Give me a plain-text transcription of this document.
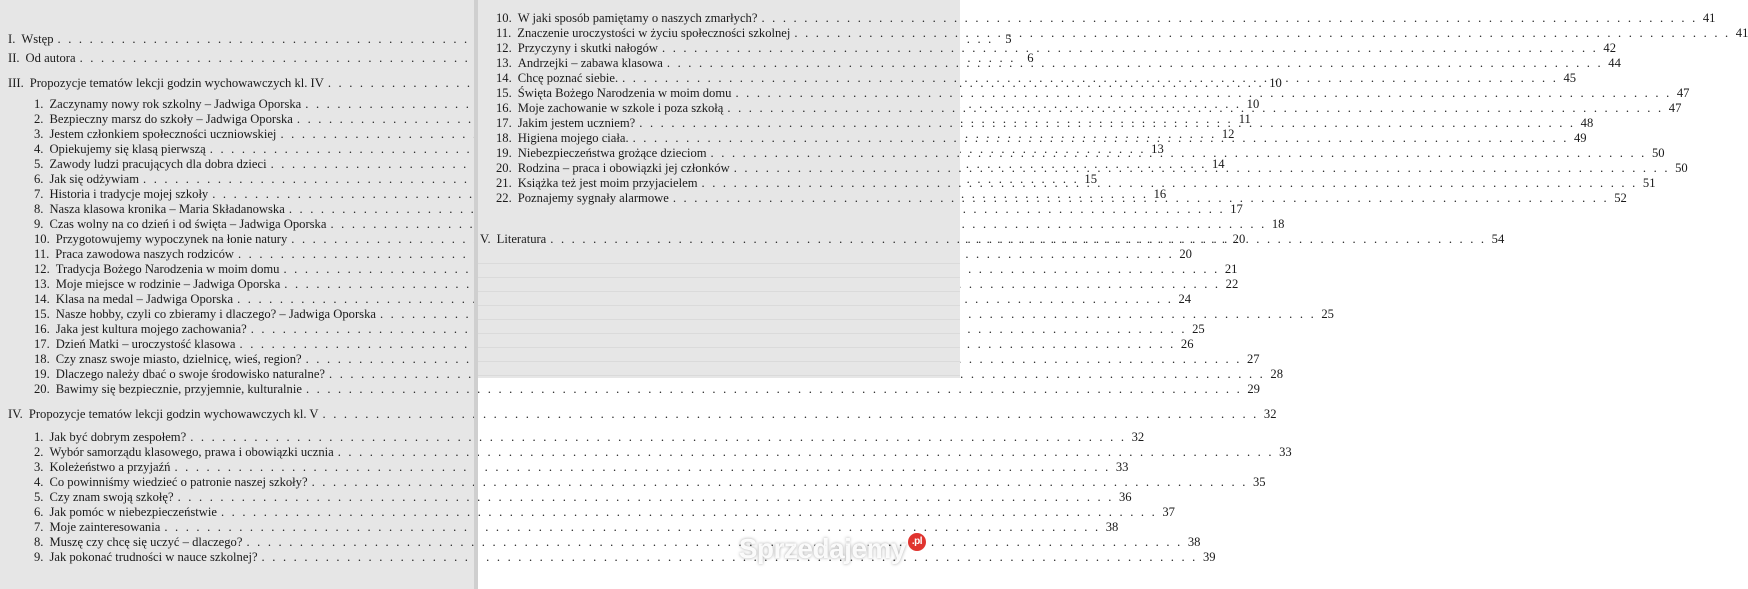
I. Wstęp . . .	5
II. Od autora . . .	6
III. Propozycje tematów lekcji godzin wychowawczych kl. IV . . .	10
1. Zaczynamy nowy rok szkolny – Jadwiga Oporska . . .	10
2. Bezpieczny marsz do szkoły – Jadwiga Oporska . . .	11
3. Jestem członkiem społeczności uczniowskiej . . .	12
4. Opiekujemy się klasą pierwszą . . .	13
5. Zawody ludzi pracujących dla dobra dzieci . . .	14
6. Jak się odżywiam . . .	15
7. Historia i tradycje mojej szkoły . . .	16
8. Nasza klasowa kronika – Maria Składanowska . . .	17
9. Czas wolny na co dzień i od święta – Jadwiga Oporska . . .	18
10. Przygotowujemy wypoczynek na łonie natury . . .	20
11. Praca zawodowa naszych rodziców . . .	20
12. Tradycja Bożego Narodzenia w moim domu . . .	21
13. Moje miejsce w rodzinie – Jadwiga Oporska . . .	22
14. Klasa na medal – Jadwiga Oporska . . .	24
15. Nasze hobby, czyli co zbieramy i dlaczego? – Jadwiga Oporska . . .	25
16. Jaka jest kultura mojego zachowania? . . .	25
17. Dzień Matki – uroczystość klasowa . . .	26
18. Czy znasz swoje miasto, dzielnicę, wieś, region? . . .	27
19. Dlaczego należy dbać o swoje środowisko naturalne? . . .	28
20. Bawimy się bezpiecznie, przyjemnie, kulturalnie . . .	29
IV. Propozycje tematów lekcji godzin wychowawczych kl. V . . .	32
1. Jak być dobrym zespołem? . . .	32
2. Wybór samorządu klasowego, prawa i obowiązki ucznia . . .	33
3. Koleżeństwo a przyjaźń . . .	33
4. Co powinniśmy wiedzieć o patronie naszej szkoły? . . .	35
5. Czy znam swoją szkołę? . . .	36
6. Jak pomóc w niebezpieczeństwie . . .	37
7. Moje zainteresowania . . .	38
8. Muszę czy chcę się uczyć – dlaczego? . . .	38
9. Jak pokonać trudności w nauce szkolnej? . . .	39
10. W jaki sposób pamiętamy o naszych zmarłych? . . .	41
11. Znaczenie uroczystości w życiu społeczności szkolnej . . .	41
12. Przyczyny i skutki nałogów . . .	42
13. Andrzejki – zabawa klasowa . . .	44
14. Chcę poznać siebie. . . .	45
15. Święta Bożego Narodzenia w moim domu . . .	47
16. Moje zachowanie w szkole i poza szkołą . . .	47
17. Jakim jestem uczniem? . . .	48
18. Higiena mojego ciała. . . .	49
19. Niebezpieczeństwa grożące dzieciom . . .	50
20. Rodzina – praca i obowiązki jej członków . . .	50
21. Książka też jest moim przyjacielem . . .	51
22. Poznajemy sygnały alarmowe . . .	52
V. Literatura . . .	54
Sprzedajemy .pl
